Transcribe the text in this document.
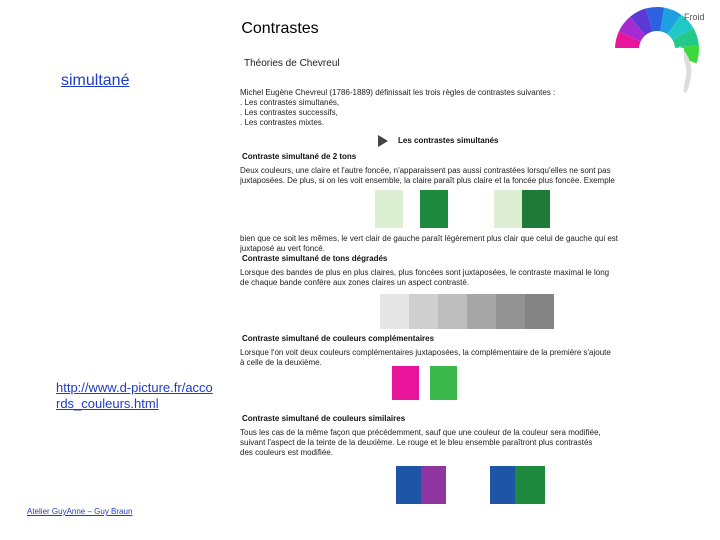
Contrastes
simultané
http://www.d-picture.fr/accords_couleurs.html
Atelier GuyAnne – Guy Braun
Froid
Théories de Chevreul
Michel Eugène Chevreul (1786-1889) définissait les trois règles de contrastes suivantes :
. Les contrastes simultanés,
. Les contrastes successifs,
. Les contrastes mixtes.
Les contrastes simultanés
Contraste simultané de 2 tons
Deux couleurs, une claire et l'autre foncée, n'apparaissent pas aussi contrastées lorsqu'elles ne sont pas
juxtaposées. De plus, si on les voit ensemble, la claire paraît plus claire et la foncée plus foncée. Exemple
bien que ce soit les mêmes, le vert clair de gauche paraît légèrement plus clair que celui de gauche qui est
juxtaposé au vert foncé.
Contraste simultané de tons dégradés
Lorsque des bandes de plus en plus claires, plus foncées sont juxtaposées, le contraste maximal le long
de chaque bande confère aux zones claires un aspect contrasté.
Contraste simultané de couleurs complémentaires
Lorsque l'on voit deux couleurs complémentaires juxtaposées, la complémentaire de la première s'ajoute
à celle de la deuxième.
Contraste simultané de couleurs similaires
Tous les cas de la même façon que précédemment, sauf que une couleur de la couleur sera modifiée,
suivant l'aspect de la teinte de la deuxième. Le rouge et le bleu ensemble paraîtront plus contrastés
des couleurs est modifiée.
